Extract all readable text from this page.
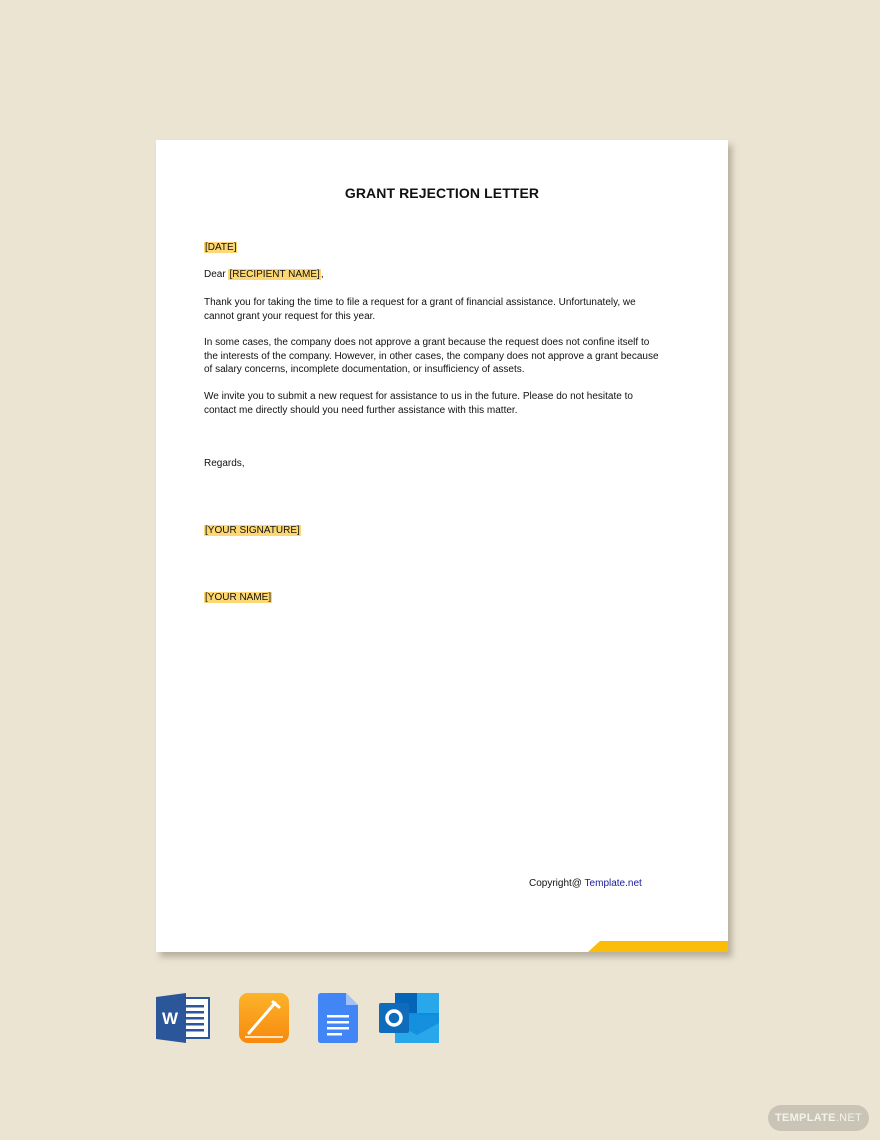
GRANT REJECTION LETTER
[DATE]
Dear [RECIPIENT NAME],
Thank you for taking the time to file a request for a grant of financial assistance. Unfortunately, we cannot grant your request for this year.
In some cases, the company does not approve a grant because the request does not confine itself to the interests of the company. However, in other cases, the company does not approve a grant because of salary concerns, incomplete documentation, or insufficiency of assets.
We invite you to submit a new request for assistance to us in the future. Please do not hesitate to contact me directly should you need further assistance with this matter.
Regards,
[YOUR SIGNATURE]
[YOUR NAME]
Copyright@ Template.net
W
TEMPLATE .NET
